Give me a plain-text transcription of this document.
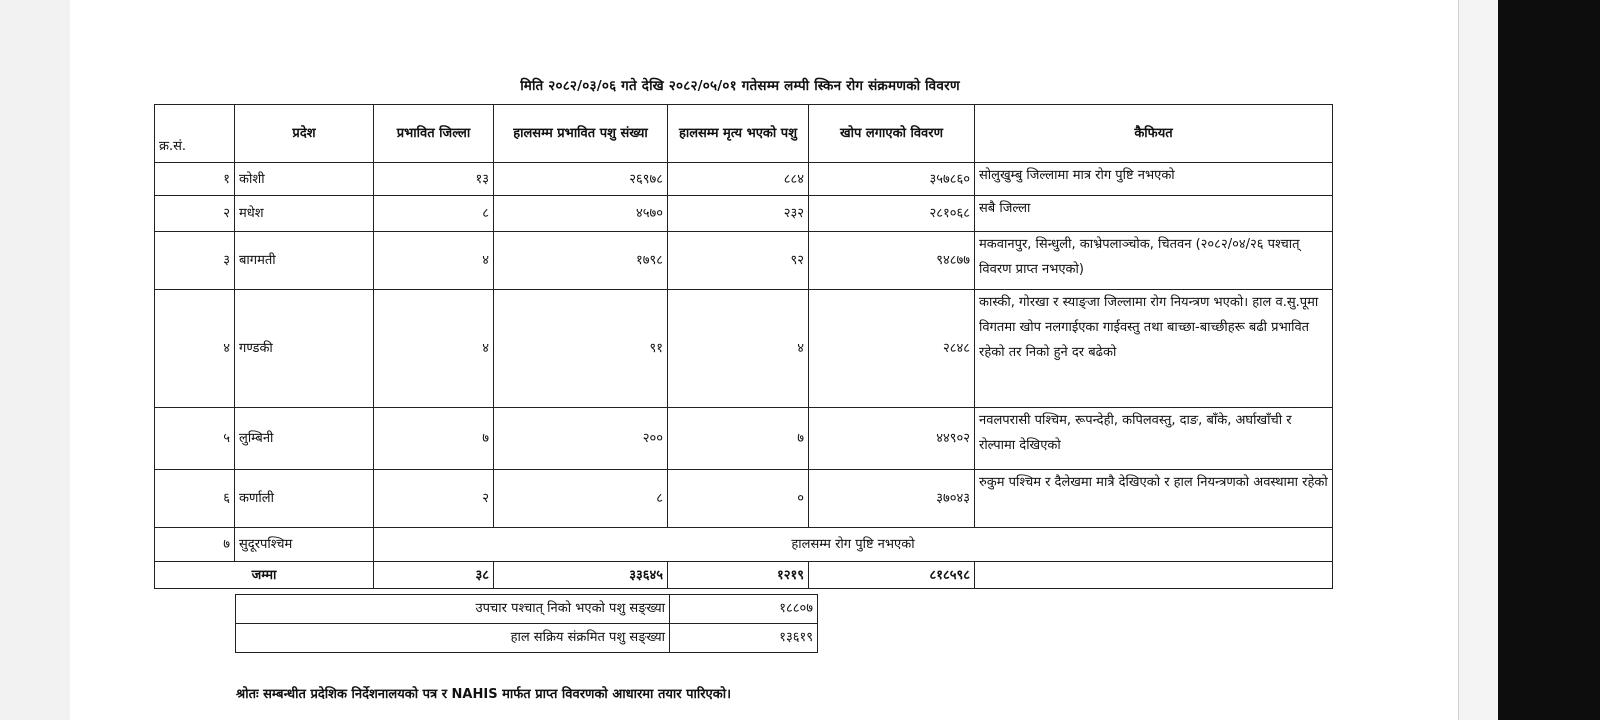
मिति २०८२/०३/०६ गते देखि २०८२/०५/०१ गतेसम्म लम्पी स्किन रोग संक्रमणको विवरण
क्र.सं.	प्रदेश	प्रभावित जिल्ला	हालसम्म प्रभावित पशु संख्या	हालसम्म मृत्य भएको पशु	खोप लगाएको विवरण	कैफियत
१	कोशी	१३	२६९७८	८८४	३५७८६०	सोलुखुम्बु जिल्लामा मात्र रोग पुष्टि नभएको
२	मधेश	८	४५७०	२३२	२८१०६८	सबै जिल्ला
३	बागमती	४	१७९८	९२	९४८७७	मकवानपुर, सिन्धुली, काभ्रेपलाञ्चोक, चितवन (२०८२/०४/२६ पश्चात् विवरण प्राप्त नभएको)
४	गण्डकी	४	९१	४	२८४८	कास्की, गोरखा र स्याङ्जा जिल्लामा रोग नियन्त्रण भएको। हाल व.सु.पूमा विगतमा खोप नलगाईएका गाईवस्तु तथा बाच्छा-बाच्छीहरू बढी प्रभावित रहेको तर निको हुने दर बढेको
५	लुम्बिनी	७	२००	७	४४९०२	नवलपरासी पश्चिम, रूपन्देही, कपिलवस्तु, दाङ, बाँके, अर्घाखाँची र रोल्पामा देखिएको
६	कर्णाली	२	८	०	३७०४३	रुकुम पश्चिम र दैलेखमा मात्रै देखिएको र हाल नियन्त्रणको अवस्थामा रहेको
७	सुदूरपश्चिम	हालसम्म रोग पुष्टि नभएको				
जम्मा		३८	३३६४५	१२१९	८१८५९८	
उपचार पश्चात् निको भएको पशु सङ्ख्या	१८८०७
हाल सक्रिय संक्रमित पशु सङ्ख्या	१३६१९
श्रोतः सम्बन्धीत प्रदेशिक निर्देशनालयको पत्र र NAHIS मार्फत प्राप्त विवरणको आधारमा तयार पारिएको।
